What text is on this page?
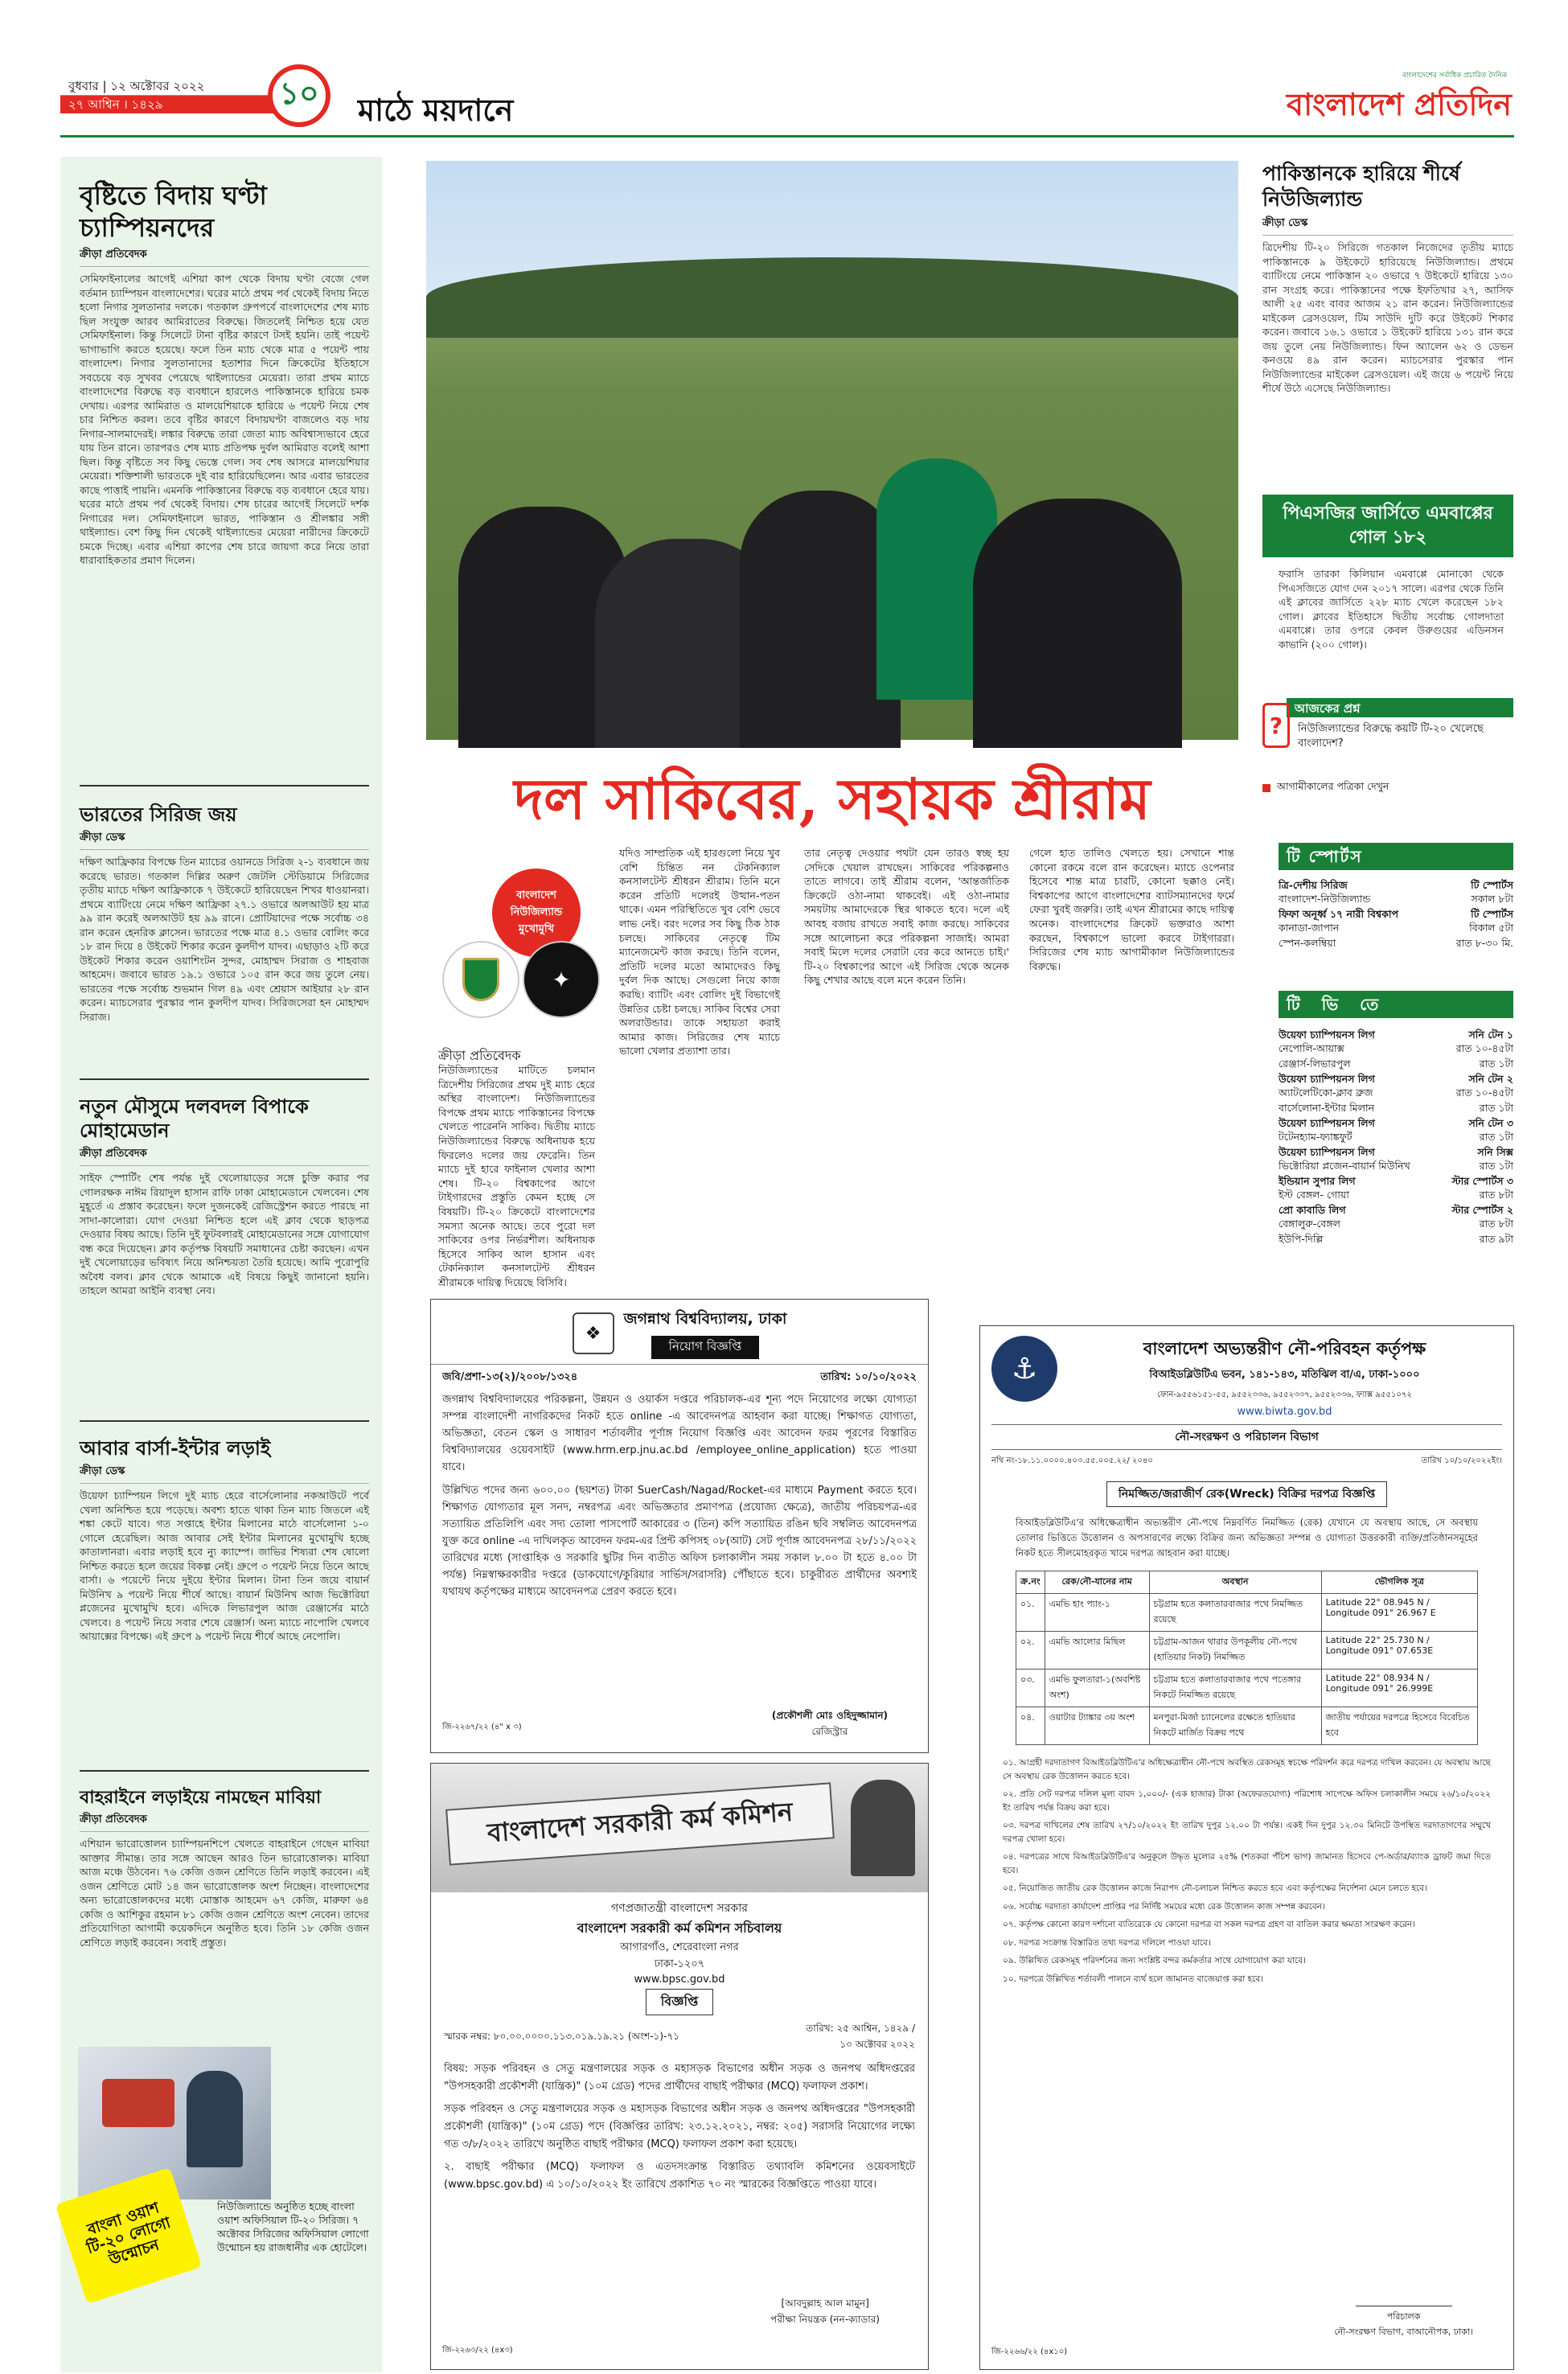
বুধবার | ১২ অক্টোবর ২০২২
২৭ আশ্বিন । ১৪২৯	১০	মাঠে ময়দানে
বাংলাদেশের সর্বাধিক প্রচারিত দৈনিক
বাংলাদেশ প্রতিদিন
বৃষ্টিতে বিদায় ঘণ্টা চ্যাম্পিয়নদের
ক্রীড়া প্রতিবেদক

সেমিফাইনালের আগেই এশিয়া কাপ থেকে বিদায় ঘণ্টা বেজে গেল বর্তমান চ্যাম্পিয়ন বাংলাদেশের। ঘরের মাঠে প্রথম পর্ব থেকেই বিদায় নিতে হলো নিগার সুলতানার দলকে। গতকাল গ্রুপপর্বে বাংলাদেশের শেষ ম্যাচ ছিল সংযুক্ত আরব আমিরাতের বিরুদ্ধে। জিতলেই নিশ্চিত হয়ে যেত সেমিফাইনাল। কিন্তু সিলেটে টানা বৃষ্টির কারণে টসই হয়নি। তাই পয়েন্ট ভাগাভাগি করতে হয়েছে। ফলে তিন ম্যাচ থেকে মাত্র ৫ পয়েন্ট পায় বাংলাদেশ। নিগার সুলতানাদের হতাশার দিনে ক্রিকেটের ইতিহাসে সবচেয়ে বড় সুখবর পেয়েছে থাইল্যান্ডের মেয়েরা। তারা প্রথম ম্যাচে বাংলাদেশের বিরুদ্ধে বড় ব্যবধানে হারলেও পাকিস্তানকে হারিয়ে চমক দেখায়। এরপর আমিরাত ও মালয়েশিয়াকে হারিয়ে ৬ পয়েন্ট নিয়ে শেষ চার নিশ্চিত করল। তবে বৃষ্টির কারণে বিদায়ঘণ্টা বাজলেও বড় দায় নিগার-সালমাদেরই। লঙ্কার বিরুদ্ধে তারা জেতা ম্যাচ অবিশ্বাস্যভাবে হেরে যায় তিন রানে। তারপরও শেষ ম্যাচ প্রতিপক্ষ দুর্বল আমিরাত বলেই আশা ছিল। কিন্তু বৃষ্টিতে সব কিছু ভেস্তে গেল। সব শেষ আসরে মালয়েশিয়ার মেয়েরা। শক্তিশালী ভারতকে দুই বার হারিয়েছিলেন। আর এবার ভারতের কাছে পাত্তাই পায়নি। এমনকি পাকিস্তানের বিরুদ্ধে বড় ব্যবধানে হেরে যায়। ঘরের মাঠে প্রথম পর্ব থেকেই বিদায়। শেষ চারের আগেই সিলেটে দর্শক নিগারের দল। সেমিফাইনালে ভারত, পাকিস্তান ও শ্রীলঙ্কার সঙ্গী থাইল্যান্ড। বেশ কিছু দিন থেকেই থাইল্যান্ডের মেয়েরা নারীদের ক্রিকেটে চমকে দিচ্ছে। এবার এশিয়া কাপের শেষ চারে জায়গা করে নিয়ে তারা ধারাবাহিকতার প্রমাণ দিলেন।

ভারতের সিরিজ জয়
ক্রীড়া ডেস্ক

দক্ষিণ আফ্রিকার বিপক্ষে তিন ম্যাচের ওয়ানডে সিরিজ ২-১ ব্যবধানে জয় করেছে ভারত। গতকাল দিল্লির অরুণ জেটলি স্টেডিয়ামে সিরিজের তৃতীয় ম্যাচে দক্ষিণ আফ্রিকাকে ৭ উইকেটে হারিয়েছেন শিখর ধাওয়ানরা। প্রথমে ব্যাটিংয়ে নেমে দক্ষিণ আফ্রিকা ২৭.১ ওভারে অলআউট হয় মাত্র ৯৯ রান করেই অলআউট হয় ৯৯ রানে। প্রোটিয়াদের পক্ষে সর্বোচ্চ ৩৪ রান করেন হেনরিক ক্লাসেন। ভারতের পক্ষে মাত্র ৪.১ ওভার বোলিং করে ১৮ রান দিয়ে ৪ উইকেট শিকার করেন কুলদীপ যাদব। এছাড়াও ২টি করে উইকেট শিকার করেন ওয়াশিংটন সুন্দর, মোহাম্মদ সিরাজ ও শাহবাজ আহমেদ। জবাবে ভারত ১৯.১ ওভারে ১০৫ রান করে জয় তুলে নেয়। ভারতের পক্ষে সর্বোচ্চ শুভমান গিল ৪৯ এবং শ্রেয়াস আইয়ার ২৮ রান করেন। ম্যাচসেরার পুরস্কার পান কুলদীপ যাদব। সিরিজসেরা হন মোহাম্মদ সিরাজ।

নতুন মৌসুমে দলবদল বিপাকে মোহামেডান
ক্রীড়া প্রতিবেদক

সাইফ স্পোর্টিং শেষ পর্যন্ত দুই খেলোয়াড়ের সঙ্গে চুক্তি করার পর গোলরক্ষক নাঈম রিয়াদুল হাসান রাফি ঢাকা মোহামেডানে খেলবেন। শেষ মুহূর্তে এ প্রস্তাব করেছেন। ফলে দুজনকেই রেজিস্ট্রেশন করতে পারছে না সাদা-কালোরা। যোগ দেওয়া নিশ্চিত হলে এই ক্লাব থেকে ছাড়পত্র দেওয়ার বিষয় আছে। তিনি দুই ফুটবলারই মোহামেডানের সঙ্গে যোগাযোগ বন্ধ করে দিয়েছেন। ক্লাব কর্তৃপক্ষ বিষয়টি সমাধানের চেষ্টা করছেন। এখন দুই খেলোয়াড়ের ভবিষ্যৎ নিয়ে অনিশ্চয়তা তৈরি হয়েছে। আমি পুরোপুরি অবৈধ বলব। ক্লাব থেকে আমাকে এই বিষয়ে কিছুই জানানো হয়নি। তাহলে আমরা আইনি ব্যবস্থা নেব।

আবার বার্সা-ইন্টার লড়াই
ক্রীড়া ডেস্ক

উয়েফা চ্যাম্পিয়ন লিগে দুই ম্যাচ হেরে বার্সেলোনার নকআউটে পর্বে খেলা অনিশ্চিত হয়ে পড়েছে। অবশ্য হাতে থাকা তিন ম্যাচ জিতলে এই শঙ্কা কেটে যাবে। গত সপ্তাহে ইন্টার মিলানের মাঠে বার্সেলোনা ১-০ গোলে হেরেছিল। আজ আবার সেই ইন্টার মিলানের মুখোমুখি হচ্ছে কাতালানরা। এবার লড়াই হবে ন্যু ক্যাম্পে। জাভির শিষ্যরা শেষ ষোলো নিশ্চিত করতে হলে জয়ের বিকল্প নেই। গ্রুপে ৩ পয়েন্ট নিয়ে তিনে আছে বার্সা। ৬ পয়েন্টে নিয়ে দুইয়ে ইন্টার মিলান। টানা তিন জয়ে বায়ার্ন মিউনিখ ৯ পয়েন্ট নিয়ে শীর্ষে আছে। বায়ার্ন মিউনিখ আজ ভিক্টোরিয়া প্লজেনের মুখোমুখি হবে। এদিকে লিভারপুল আজ রেঞ্জার্সের মাঠে খেলবে। ৪ পয়েন্ট নিয়ে সবার শেষে রেঞ্জার্স। অন্য ম্যাচে নাপোলি খেলবে আয়াক্সের বিপক্ষে। এই গ্রুপে ৯ পয়েন্ট নিয়ে শীর্ষে আছে নেপোলি।

বাহরাইনে লড়াইয়ে নামছেন মাবিয়া
ক্রীড়া প্রতিবেদক

এশিয়ান ভারোত্তোলন চ্যাম্পিয়নশিপে খেলতে বাহরাইনে গেছেন মাবিয়া আক্তার সীমান্ত। তার সঙ্গে আছেন আরও তিন ভারোত্তোলক। মাবিয়া আজ মঞ্চে উঠবেন। ৭৬ কেজি ওজন শ্রেণিতে তিনি লড়াই করবেন। এই ওজন শ্রেণিতে মোট ১৪ জন ভারোত্তোলক অংশ নিচ্ছেন। বাংলাদেশের অন্য ভারোত্তোলকদের মধ্যে মোস্তাক আহমেদ ৬৭ কেজি, মারুফা ৬৪ কেজি ও আশিকুর রহমান ৮১ কেজি ওজন শ্রেণিতে অংশ নেবেন। তাদের প্রতিযোগিতা আগামী কয়েকদিনে অনুষ্ঠিত হবে। তিনি ১৮ কেজি ওজন শ্রেণিতে লড়াই করবেন। সবাই প্রস্তুত।

বাংলা ওয়াশ টি-২০ লোগো উন্মোচন

নিউজিল্যান্ডে অনুষ্ঠিত হচ্ছে বাংলা ওয়াশ অফিসিয়াল টি-২০ সিরিজ। ৭ অক্টোবর সিরিজের অফিসিয়াল লোগো উন্মোচন হয় রাজধানীর এক হোটেলে।

দল সাকিবের, সহায়ক শ্রীরাম
বাংলাদেশ নিউজিল্যান্ড মুখোমুখি
✦
ক্রীড়া প্রতিবেদক
নিউজিল্যান্ডের মাটিতে চলমান ত্রিদেশীয় সিরিজের প্রথম দুই ম্যাচ হেরে অস্থির বাংলাদেশ। নিউজিল্যান্ডের বিপক্ষে প্রথম ম্যাচে পাকিস্তানের বিপক্ষে খেলতে পারেননি সাকিব। দ্বিতীয় ম্যাচে নিউজিল্যান্ডের বিরুদ্ধে অধিনায়ক হয়ে ফিরলেও দলের জয় ফেরেনি। তিন ম্যাচে দুই হারে ফাইনাল খেলার আশা শেষ। টি-২০ বিশ্বকাপের আগে টাইগারদের প্রস্তুতি কেমন হচ্ছে সে বিষয়টি। টি-২০ ক্রিকেটে বাংলাদেশের সমস্যা অনেক আছে। তবে পুরো দল সাকিবের ওপর নির্ভরশীল। অধিনায়ক হিসেবে সাকিব আল হাসান এবং টেকনিক্যাল কনসালটেন্ট শ্রীধরন শ্রীরামকে দায়িত্ব দিয়েছে বিসিবি।
যদিও সাম্প্রতিক এই হারগুলো নিয়ে খুব বেশি চিন্তিত নন টেকনিক্যাল কনসালটেন্ট শ্রীধরন শ্রীরাম। তিনি মনে করেন প্রতিটি দলেরই উত্থান-পতন থাকে। এমন পরিস্থিতিতে খুব বেশি ভেবে লাভ নেই। বরং দলের সব কিছু ঠিক ঠাক চলছে। সাকিবের নেতৃত্বে টিম ম্যানেজমেন্ট কাজ করছে। তিনি বলেন, প্রতিটি দলের মতো আমাদেরও কিছু দুর্বল দিক আছে। সেগুলো নিয়ে কাজ করছি। ব্যাটিং এবং বোলিং দুই বিভাগেই উন্নতির চেষ্টা চলছে। সাকিব বিশ্বের সেরা অলরাউন্ডার। তাকে সহায়তা করাই আমার কাজ। সিরিজের শেষ ম্যাচে ভালো খেলার প্রত্যাশা তার।
তার নেতৃত্ব দেওয়ার পথটা যেন তারও স্বচ্ছ হয় সেদিকে খেয়াল রাখছেন। সাকিবের পরিকল্পনাও তাতে লাগবে। তাই শ্রীরাম বলেন, 'আন্তর্জাতিক ক্রিকেটে ওঠা-নামা থাকবেই। এই ওঠা-নামার সময়টায় আমাদেরকে স্থির থাকতে হবে। দলে এই আবহ বজায় রাখতে সবাই কাজ করছে। সাকিবের সঙ্গে আলোচনা করে পরিকল্পনা সাজাই। আমরা সবাই মিলে দলের সেরাটা বের করে আনতে চাই।' টি-২০ বিশ্বকাপের আগে এই সিরিজ থেকে অনেক কিছু শেখার আছে বলে মনে করেন তিনি।
গেলে হাত তালিও খেলতে হয়। সেখানে শান্ত কোনো রকমে বলে রান করেছেন। ম্যাচে ওপেনার হিসেবে শান্ত মাত্র চারটি, কোনো ছক্কাও নেই। বিশ্বকাপের আগে বাংলাদেশের ব্যাটসম্যানদের ফর্মে ফেরা খুবই জরুরি। তাই এখন শ্রীরামের কাছে দায়িত্ব অনেক। বাংলাদেশের ক্রিকেট ভক্তরাও আশা করছেন, বিশ্বকাপে ভালো করবে টাইগাররা। সিরিজের শেষ ম্যাচ আগামীকাল নিউজিল্যান্ডের বিরুদ্ধে।
পাকিস্তানকে হারিয়ে শীর্ষে নিউজিল্যান্ড
ক্রীড়া ডেস্ক

ত্রিদেশীয় টি-২০ সিরিজে গতকাল নিজেদের তৃতীয় ম্যাচে পাকিস্তানকে ৯ উইকেটে হারিয়েছে নিউজিল্যান্ড। প্রথমে ব্যাটিংয়ে নেমে পাকিস্তান ২০ ওভারে ৭ উইকেটে হারিয়ে ১৩০ রান সংগ্রহ করে। পাকিস্তানের পক্ষে ইফতিখার ২৭, আসিফ আলী ২৫ এবং বাবর আজম ২১ রান করেন। নিউজিল্যান্ডের মাইকেল ব্রেসওয়েল, টিম সাউদি দুটি করে উইকেট শিকার করেন। জবাবে ১৬.১ ওভারে ১ উইকেট হারিয়ে ১৩১ রান করে জয় তুলে নেয় নিউজিল্যান্ড। ফিন অ্যালেন ৬২ ও ডেভন কনওয়ে ৪৯ রান করেন। ম্যাচসেরার পুরস্কার পান নিউজিল্যান্ডের মাইকেল ব্রেসওয়েল। এই জয়ে ৬ পয়েন্ট নিয়ে শীর্ষে উঠে এসেছে নিউজিল্যান্ড।

পিএসজির জার্সিতে এমবাপ্পের গোল ১৮২

ফরাসি তারকা কিলিয়ান এমবাপ্পে মোনাকো থেকে পিএসজিতে যোগ দেন ২০১৭ সালে। এরপর থেকে তিনি এই ক্লাবের জার্সিতে ২২৮ ম্যাচ খেলে করেছেন ১৮২ গোল। ক্লাবের ইতিহাসে দ্বিতীয় সর্বোচ্চ গোলদাতা এমবাপ্পে। তার ওপরে কেবল উরুগুয়ের এডিনসন কাভানি (২০০ গোল)।

আজকের প্রশ্ন
?	নিউজিল্যান্ডের বিরুদ্ধে কয়টি টি-২০ খেলেছে বাংলাদেশ?

আগামীকালের পত্রিকা দেখুন
টি স্পোর্টস
ত্রি-দেশীয় সিরিজ	টি স্পোর্টস
বাংলাদেশ-নিউজিল্যান্ড	সকাল ৮টা
ফিফা অনূর্ধ্ব ১৭ নারী বিশ্বকাপ	টি স্পোর্টস
কানাডা-জাপান	বিকাল ৫টা
স্পেন-কলম্বিয়া	রাত ৮-৩০ মি.
টি ভি তে
উয়েফা চ্যাম্পিয়নস লিগ	সনি টেন ১
নেপোলি-আয়াক্স	রাত ১০-৪৫টা
রেঞ্জার্স-লিভারপুল	রাত ১টা
উয়েফা চ্যাম্পিয়নস লিগ	সনি টেন ২
অ্যাটলেটিকো-ক্লাব ব্রুজ	রাত ১০-৪৫টা
বার্সেলোনা-ইন্টার মিলান	রাত ১টা
উয়েফা চ্যাম্পিয়নস লিগ	সনি টেন ৩
টটেনহ্যাম-ফ্যাঙ্কফুর্ট	রাত ১টা
উয়েফা চ্যাম্পিয়নস লিগ	সনি সিক্স
ভিক্টোরিয়া প্লজেন-বায়ার্ন মিউনিখ	রাত ১টা
ইন্ডিয়ান সুপার লিগ	স্টার স্পোর্টস ৩
ইস্ট বেঙ্গল- গোয়া	রাত ৮টা
প্রো কাবাডি লিগ	স্টার স্পোর্টস ২
বেঙ্গালুরু-বেঙ্গল	রাত ৮টা
ইউপি-দিল্লি	রাত ৯টা
❖
জগন্নাথ বিশ্ববিদ্যালয়, ঢাকা
নিয়োগ বিজ্ঞপ্তি
জবি/প্রশা-১৩(২)/২০০৮/১৩২৪	তারিখ: ১০/১০/২০২২

জগন্নাথ বিশ্ববিদ্যালয়ের পরিকল্পনা, উন্নয়ন ও ওয়ার্কস দপ্তরে পরিচালক-এর শূন্য পদে নিয়োগের লক্ষ্যে যোগ্যতা সম্পন্ন বাংলাদেশী নাগরিকদের নিকট হতে online -এ আবেদনপত্র আহবান করা যাচ্ছে। শিক্ষাগত যোগ্যতা, অভিজ্ঞতা, বেতন স্কেল ও সাধারণ শর্তাবলীর পূর্ণাঙ্গ নিয়োগ বিজ্ঞপ্তি এবং আবেদন ফরম পূরণের বিস্তারিত বিশ্ববিদ্যালয়ের ওয়েবসাইট (www.hrm.erp.jnu.ac.bd /employee_online_application) হতে পাওয়া যাবে।

উল্লিখিত পদের জন্য ৬০০.০০ (ছয়শত) টাকা SuerCash/Nagad/Rocket-এর মাধ্যমে Payment করতে হবে। শিক্ষাগত যোগ্যতার মূল সনদ, নম্বরপত্র এবং অভিজ্ঞতার প্রমাণপত্র (প্রযোজ্য ক্ষেত্রে), জাতীয় পরিচয়পত্র-এর সত্যায়িত প্রতিলিপি এবং সদ্য তোলা পাসপোর্ট আকারের ৩ (তিন) কপি সত্যায়িত রঙিন ছবি সম্বলিত আবেদনপত্র যুক্ত করে online -এ দাখিলকৃত আবেদন ফরম-এর প্রিন্ট কপিসহ ০৮(আট) সেট পূর্ণাঙ্গ আবেদনপত্র ২৮/১১/২০২২ তারিখের মধ্যে (সাপ্তাহিক ও সরকারি ছুটির দিন ব্যতীত অফিস চলাকালীন সময় সকাল ৮.০০ টা হতে ৪.০০ টা পর্যন্ত) নিম্নস্বাক্ষরকারীর দপ্তরে (ডাকযোগে/কুরিয়ার সার্ভিস/সরাসরি) পৌঁছাতে হবে। চাকুরীরত প্রার্থীদের অবশ্যই যথাযথ কর্তৃপক্ষের মাধ্যমে আবেদনপত্র প্রেরণ করতে হবে।

(প্রকৌশলী মোঃ ওহিদুজ্জামান)
রেজিস্ট্রার
জি-২২৬৭/২২ (৪" x ৩)
বাংলাদেশ সরকারী কর্ম কমিশন
গণপ্রজাতন্ত্রী বাংলাদেশ সরকার
বাংলাদেশ সরকারী কর্ম কমিশন সচিবালয়
আগারগাঁও, শেরেবাংলা নগর
ঢাকা-১২০৭
www.bpsc.gov.bd
বিজ্ঞপ্তি
স্মারক নম্বর: ৮০.০০.০০০০.১১৩.০১৯.১৯.২১ (অংশ-১)-৭১
তারিখ: ২৫ আশ্বিন, ১৪২৯ / ১০ অক্টোবর ২০২২

বিষয়: সড়ক পরিবহন ও সেতু মন্ত্রণালয়ের সড়ক ও মহাসড়ক বিভাগের অধীন সড়ক ও জনপথ অধিদপ্তরের "উপসহকারী প্রকৌশলী (যান্ত্রিক)" (১০ম গ্রেড) পদের প্রার্থীদের বাছাই পরীক্ষার (MCQ) ফলাফল প্রকাশ।

সড়ক পরিবহন ও সেতু মন্ত্রণালয়ের সড়ক ও মহাসড়ক বিভাগের অধীন সড়ক ও জনপথ অধিদপ্তরের "উপসহকারী প্রকৌশলী (যান্ত্রিক)" (১০ম গ্রেড) পদে (বিজ্ঞপ্তির তারিখ: ২৩.১২.২০২১, নম্বর: ২০৫) সরাসরি নিয়োগের লক্ষ্যে গত ৩/৮/২০২২ তারিখে অনুষ্ঠিত বাছাই পরীক্ষার (MCQ) ফলাফল প্রকাশ করা হয়েছে।

২. বাছাই পরীক্ষার (MCQ) ফলাফল ও এতদসংক্রান্ত বিস্তারিত তথ্যাবলি কমিশনের ওয়েবসাইটে (www.bpsc.gov.bd) এ ১০/১০/২০২২ ইং তারিখে প্রকাশিত ৭০ নং স্মারকের বিজ্ঞপ্তিতে পাওয়া যাবে।

[আবদুল্লাহ আল মামুন]
পরীক্ষা নিয়ন্ত্রক (নন-ক্যাডার)
জি-২২৬৩/২২ (৪x৩)
⚓
বাংলাদেশ অভ্যন্তরীণ নৌ-পরিবহন কর্তৃপক্ষ
বিআইডব্লিউটিএ ভবন, ১৪১-১৪৩, মতিঝিল বা/এ, ঢাকা-১০০০
ফোন-৯৫৫৬১৫১-৫৫, ৯৫৫২৩৩৬, ৯৫৫২৩৩৭, ৯৫৫২৩৩৬, ফ্যাক্স ৯৫৫১০৭২
www.biwta.gov.bd
নৌ-সংরক্ষণ ও পরিচালন বিভাগ
নথি নং-১৮.১১.০০০০.৪০৩.৫৫.০০৫.২২/ ২০৪০	তারিখ ১০/১০/২০২২ইং।
নিমজ্জিত/জরাজীর্ণ রেক(Wreck) বিক্রির দরপত্র বিজ্ঞপ্তি

বিআইডব্লিউটিএ'র অধিক্ষেত্রাধীন অভ্যন্তরীণ নৌ-পথে নিম্নবর্ণিত নিমজ্জিত (রেক) যেখানে যে অবস্থায় আছে, সে অবস্থায় তোলার ভিত্তিতে উত্তোলন ও অপসারণের লক্ষ্যে বিক্রির জন্য অভিজ্ঞতা সম্পন্ন ও যোগ্যতা উত্তরকারী ব্যক্তি/প্রতিষ্ঠানসমূহের নিকট হতে সীলমোহরকৃত খামে দরপত্র আহবান করা যাচ্ছে।

ক্র.নং	রেক/নৌ-যানের নাম	অবস্থান	ভৌগলিক সূত্র
০১.	এমভি হাং প্যাং-১	চট্টগ্রাম হতে কলাতারবাজার পথে নিমজ্জিত রয়েছে	Latitude 22° 08.945 N / Longitude 091° 26.967 E
০২.	এমভি আলোর মিছিল	চট্টগ্রাম-আজন থারার উপকূলীয় নৌ-পথে (হাতিয়ার নিকট) নিমজ্জিত	Latitude 22° 25.730 N / Longitude 091° 07.653E
০৩.	এমভি ফুলতারা-১(অবশিষ্ট অংশ)	চট্টগ্রাম হতে কলাতারবাজার পথে পতেঙ্গার নিকটে নিমজ্জিত রয়েছে	Latitude 22° 08.934 N / Longitude 091° 26.999E
০৪.	ওয়াটার ট্যাঙ্কার ৩য় অংশ	মনপুরা-মির্জা চ্যানেলের রক্ষেতে হাতিয়ার নিকটে মার্জিত বিক্রয় পথে	জাতীয় পর্যায়ের দরপত্রে হিসেবে বিবেচিত হবে
০১. আগ্রহী দরদাতাগণ বিআইডব্লিউটিএ'র অধিক্ষেত্রাধীন নৌ-পথে অবস্থিত রেকসমূহ স্বচক্ষে পরিদর্শন করে দরপত্র দাখিল করবেন। যে অবস্থায় আছে সে অবস্থায় রেক উত্তোলন করতে হবে।
০২. প্রতি সেট দরপত্র দলিল মূল্য বাবদ ১,০০০/- (এক হাজার) টাকা (অফেরতযোগ্য) পরিশোধ সাপেক্ষে অফিস চলাকালীন সময়ে ২৬/১০/২০২২ ইং তারিখ পর্যন্ত বিক্রয় করা হবে।
০৩. দরপত্র দাখিলের শেষ তারিখ ২৭/১০/২০২২ ইং তারিখ দুপুর ১২.০০ টা পর্যন্ত। একই দিন দুপুর ১২.৩০ মিনিটে উপস্থিত দরদাতাগণের সম্মুখে দরপত্র খোলা হবে।
০৪. দরপত্রের সাথে বিআইডব্লিউটিএ'র অনুকূলে উদ্ধৃত মূল্যের ২৫% (শতকরা পঁচিশ ভাগ) জামানত হিসেবে পে-অর্ডার/ব্যাংক ড্রাফট জমা দিতে হবে।
০৫. নিয়োজিত জাতীয় রেক উত্তোলন কাজে নিরাপদ নৌ-চলাচল নিশ্চিত করতে হবে এবং কর্তৃপক্ষের নির্দেশনা মেনে চলতে হবে।
০৬. সর্বোচ্চ দরদাতা কার্যাদেশ প্রাপ্তির পর নির্দিষ্ট সময়ের মধ্যে রেক উত্তোলন কাজ সম্পন্ন করবেন।
০৭. কর্তৃপক্ষ কোনো কারণ দর্শানো ব্যতিরেকে যে কোনো দরপত্র বা সকল দরপত্র গ্রহণ বা বাতিল করার ক্ষমতা সংরক্ষণ করেন।
০৮. দরপত্র সংক্রান্ত বিস্তারিত তথ্য দরপত্র দলিলে পাওয়া যাবে।
০৯. উল্লিখিত রেকসমূহ পরিদর্শনের জন্য সংশ্লিষ্ট বন্দর কর্মকর্তার সাথে যোগাযোগ করা যাবে।
১০. দরপত্রে উল্লিখিত শর্তাবলী পালনে ব্যর্থ হলে জামানত বাজেয়াপ্ত করা হবে।
পরিচালক
নৌ-সংরক্ষণ বিভাগ, বাআনৌপক, ঢাকা।
জি-২২৬৬/২২ (৪x১০)
